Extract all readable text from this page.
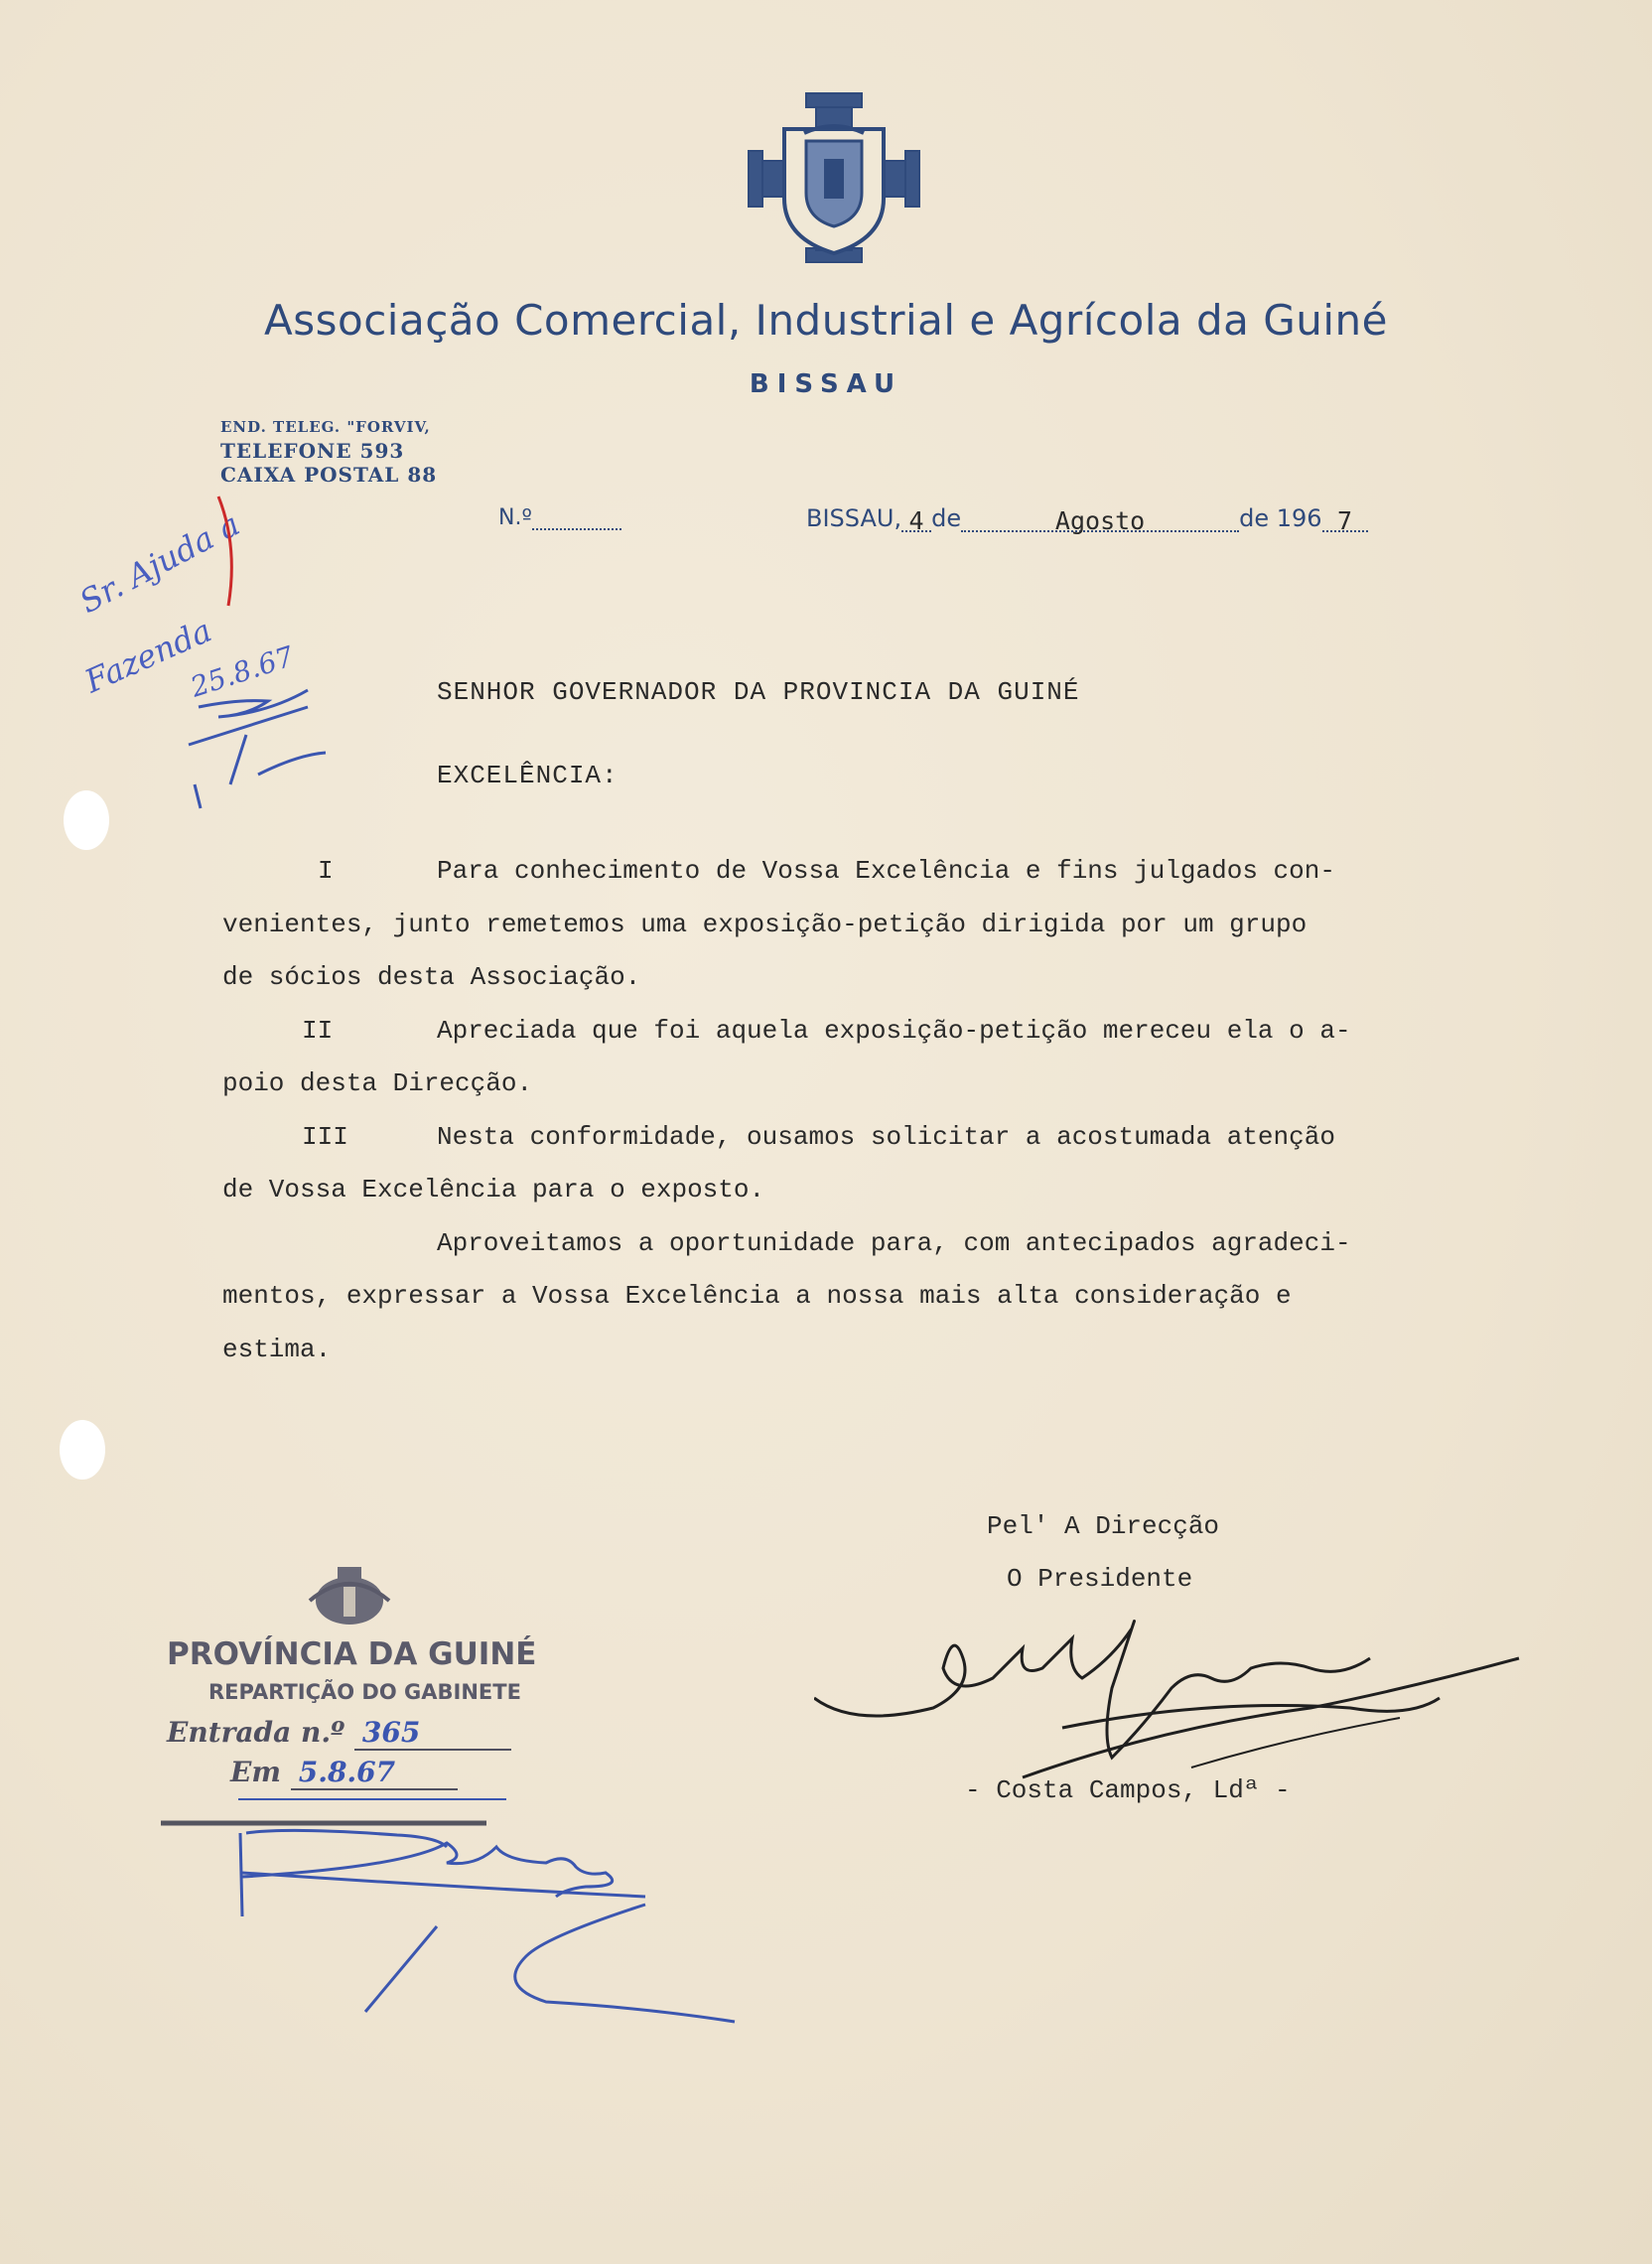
Associação Comercial, Industrial e Agrícola da Guiné
BISSAU
END. TELEG. "FORVIV,
TELEFONE 593
CAIXA POSTAL 88
N.º	BISSAU, 4 de	Agosto	de 196 7
Sr. Ajuda a
Fazenda
25.8.67	SENHOR GOVERNADOR DA PROVINCIA DA GUINÉ
EXCELÊNCIA:
I	Para conhecimento de Vossa Excelência e fins julgados con-
venientes, junto remetemos uma exposição-petição dirigida por um grupo
de sócios desta Associação.
II	Apreciada que foi aquela exposição-petição mereceu ela o a-
poio desta Direcção.
III	Nesta conformidade, ousamos solicitar a acostumada atenção
de Vossa Excelência para o exposto.
Aproveitamos a oportunidade para, com antecipados agradeci-
mentos, expressar a Vossa Excelência a nossa mais alta consideração e
estima.
Pel' A Direcção
O Presidente
- Costa Campos, Ldª -
PROVÍNCIA DA GUINÉ
REPARTIÇÃO DO GABINETE
Entrada n.º 365
Em 5.8.67
